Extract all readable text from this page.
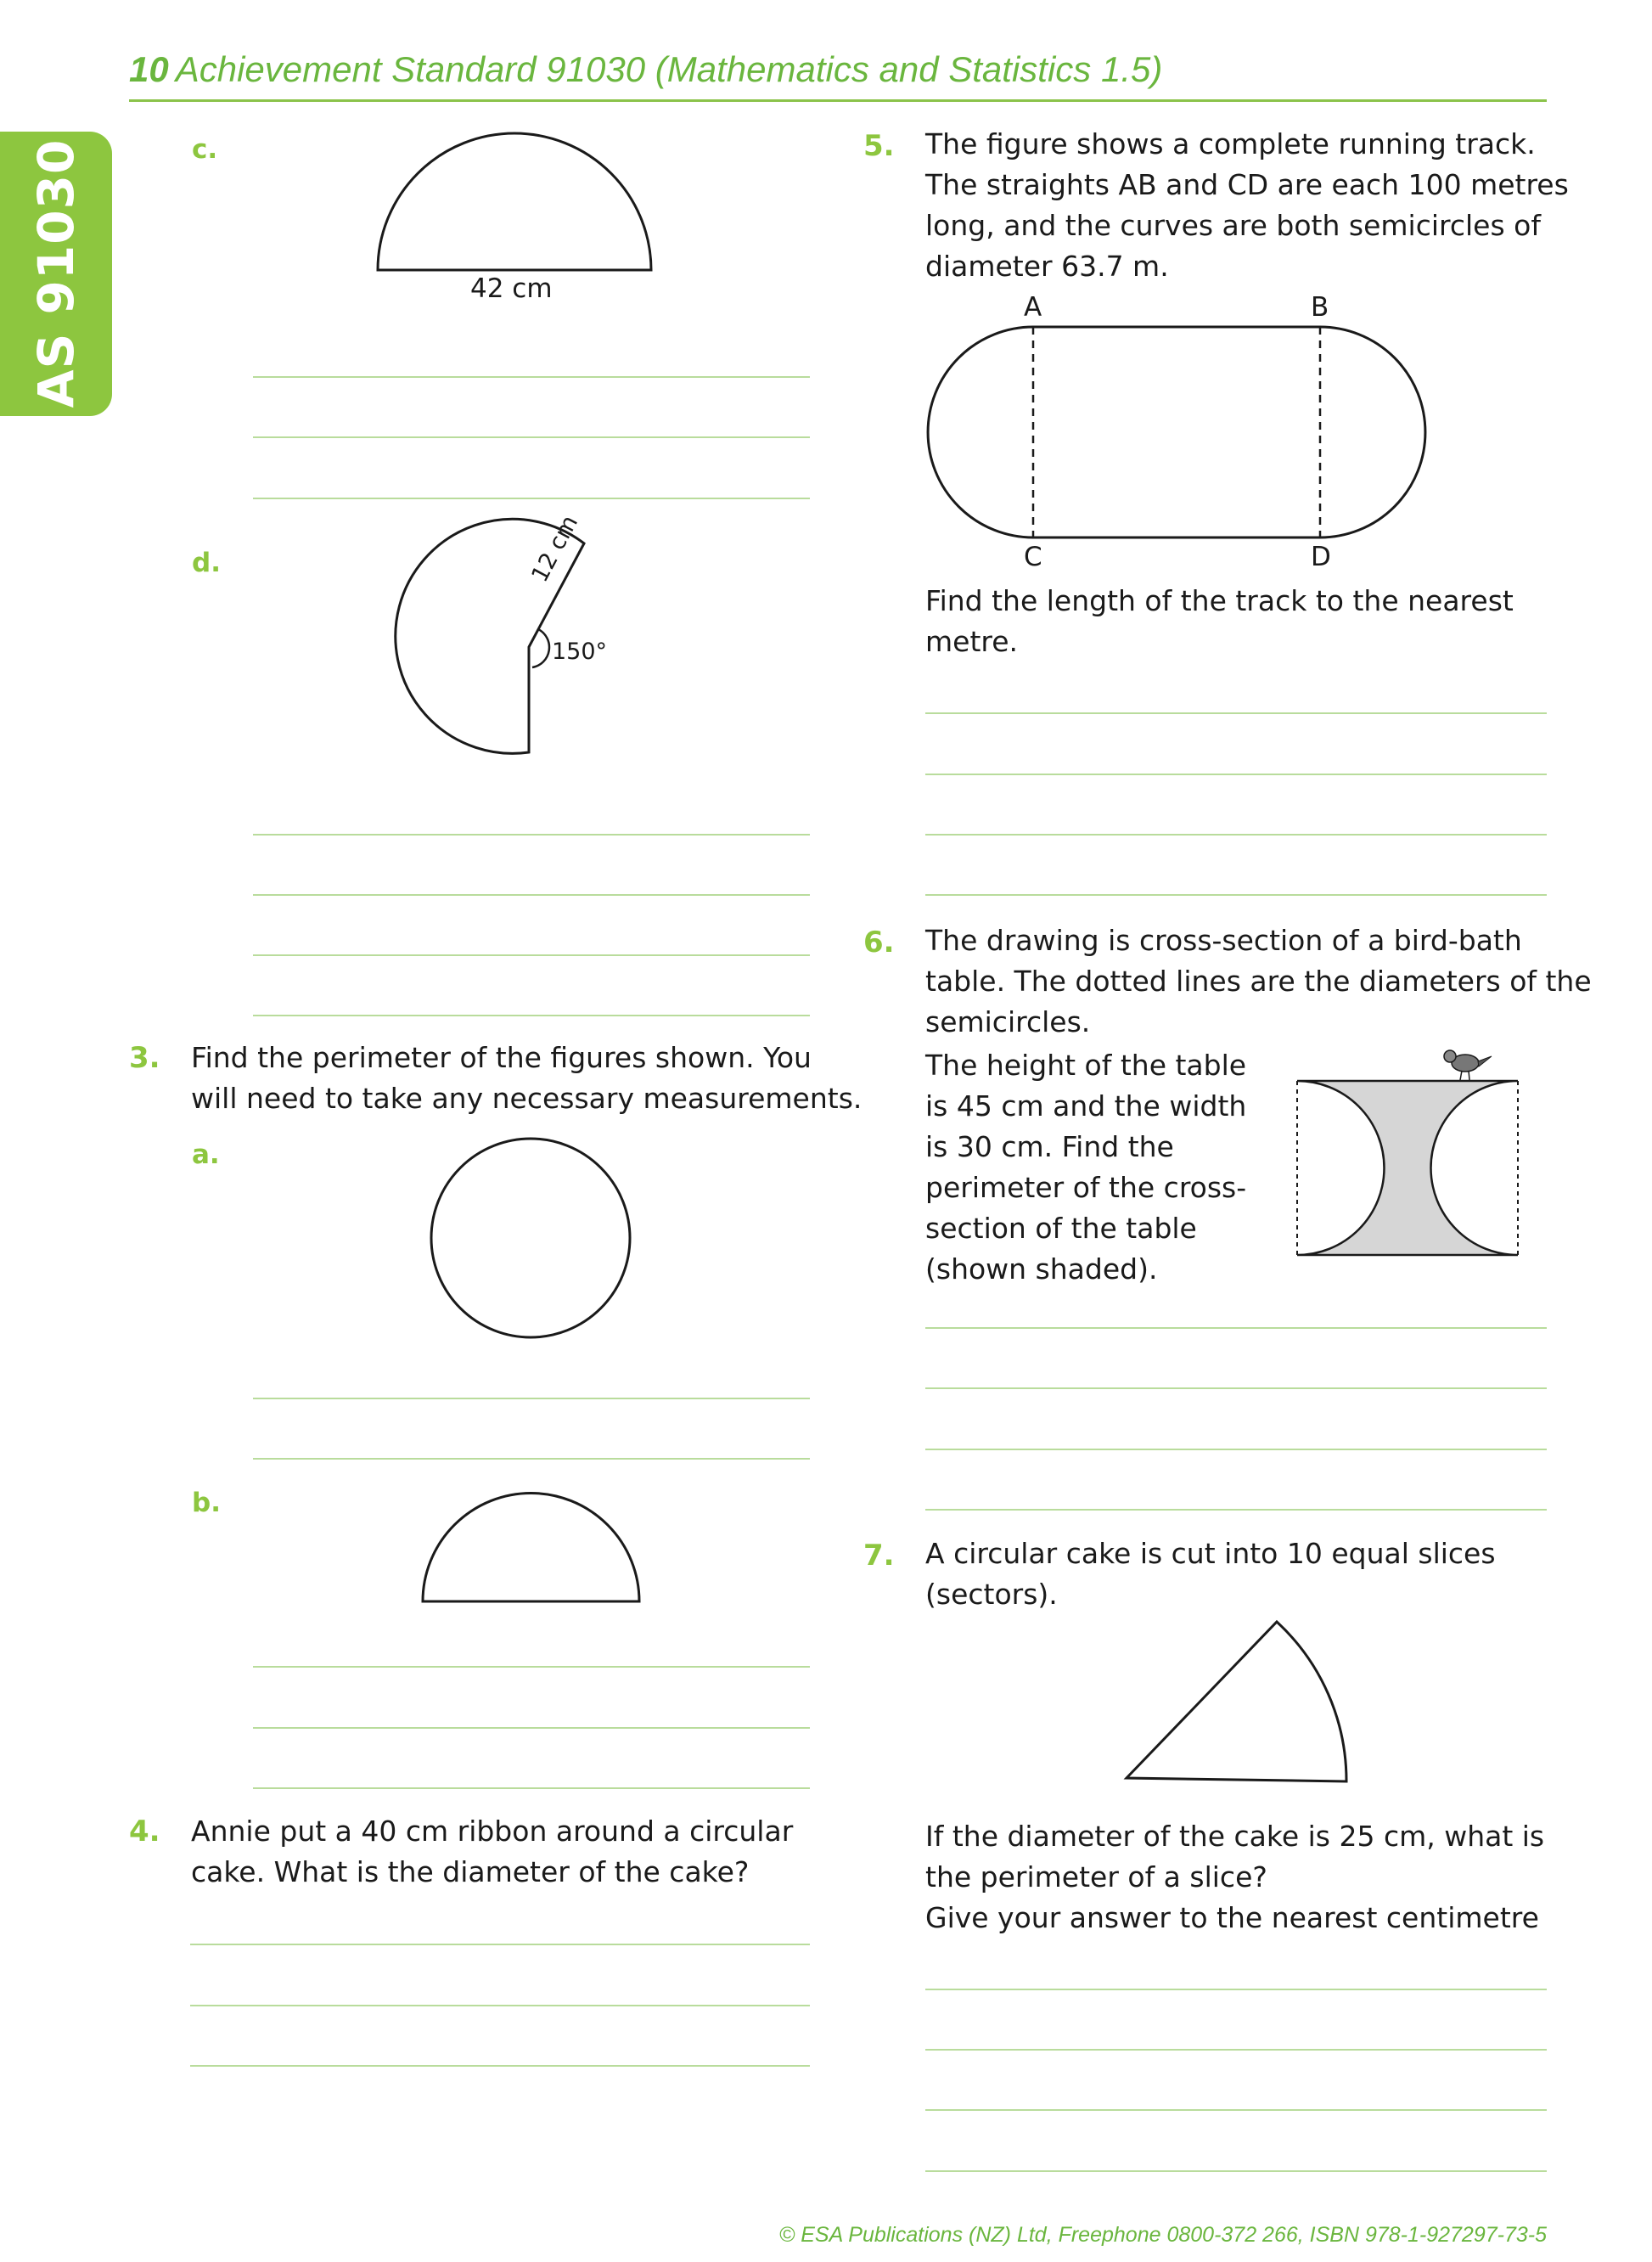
10 Achievement Standard 91030 (Mathematics and Statistics 1.5)
AS 91030	c.
42 cm
d.	12 cm
150°
3. Find the perimeter of the figures shown. You
will need to take any necessary measurements.
a.
b.
4. Annie put a 40 cm ribbon around a circular
cake. What is the diameter of the cake?
5. The figure shows a complete running track.
The straights AB and CD are each 100 metres
long, and the curves are both semicircles of
diameter 63.7 m.
A	B
C	D
Find the length of the track to the nearest
metre.
6. The drawing is cross-section of a bird-bath
table. The dotted lines are the diameters of the
semicircles.
The height of the table
is 45 cm and the width
is 30 cm. Find the
perimeter of the cross-
section of the table
(shown shaded).
7. A circular cake is cut into 10 equal slices
(sectors).
If the diameter of the cake is 25 cm, what is
the perimeter of a slice?
Give your answer to the nearest centimetre
© ESA Publications (NZ) Ltd, Freephone 0800-372 266, ISBN 978-1-927297-73-5
